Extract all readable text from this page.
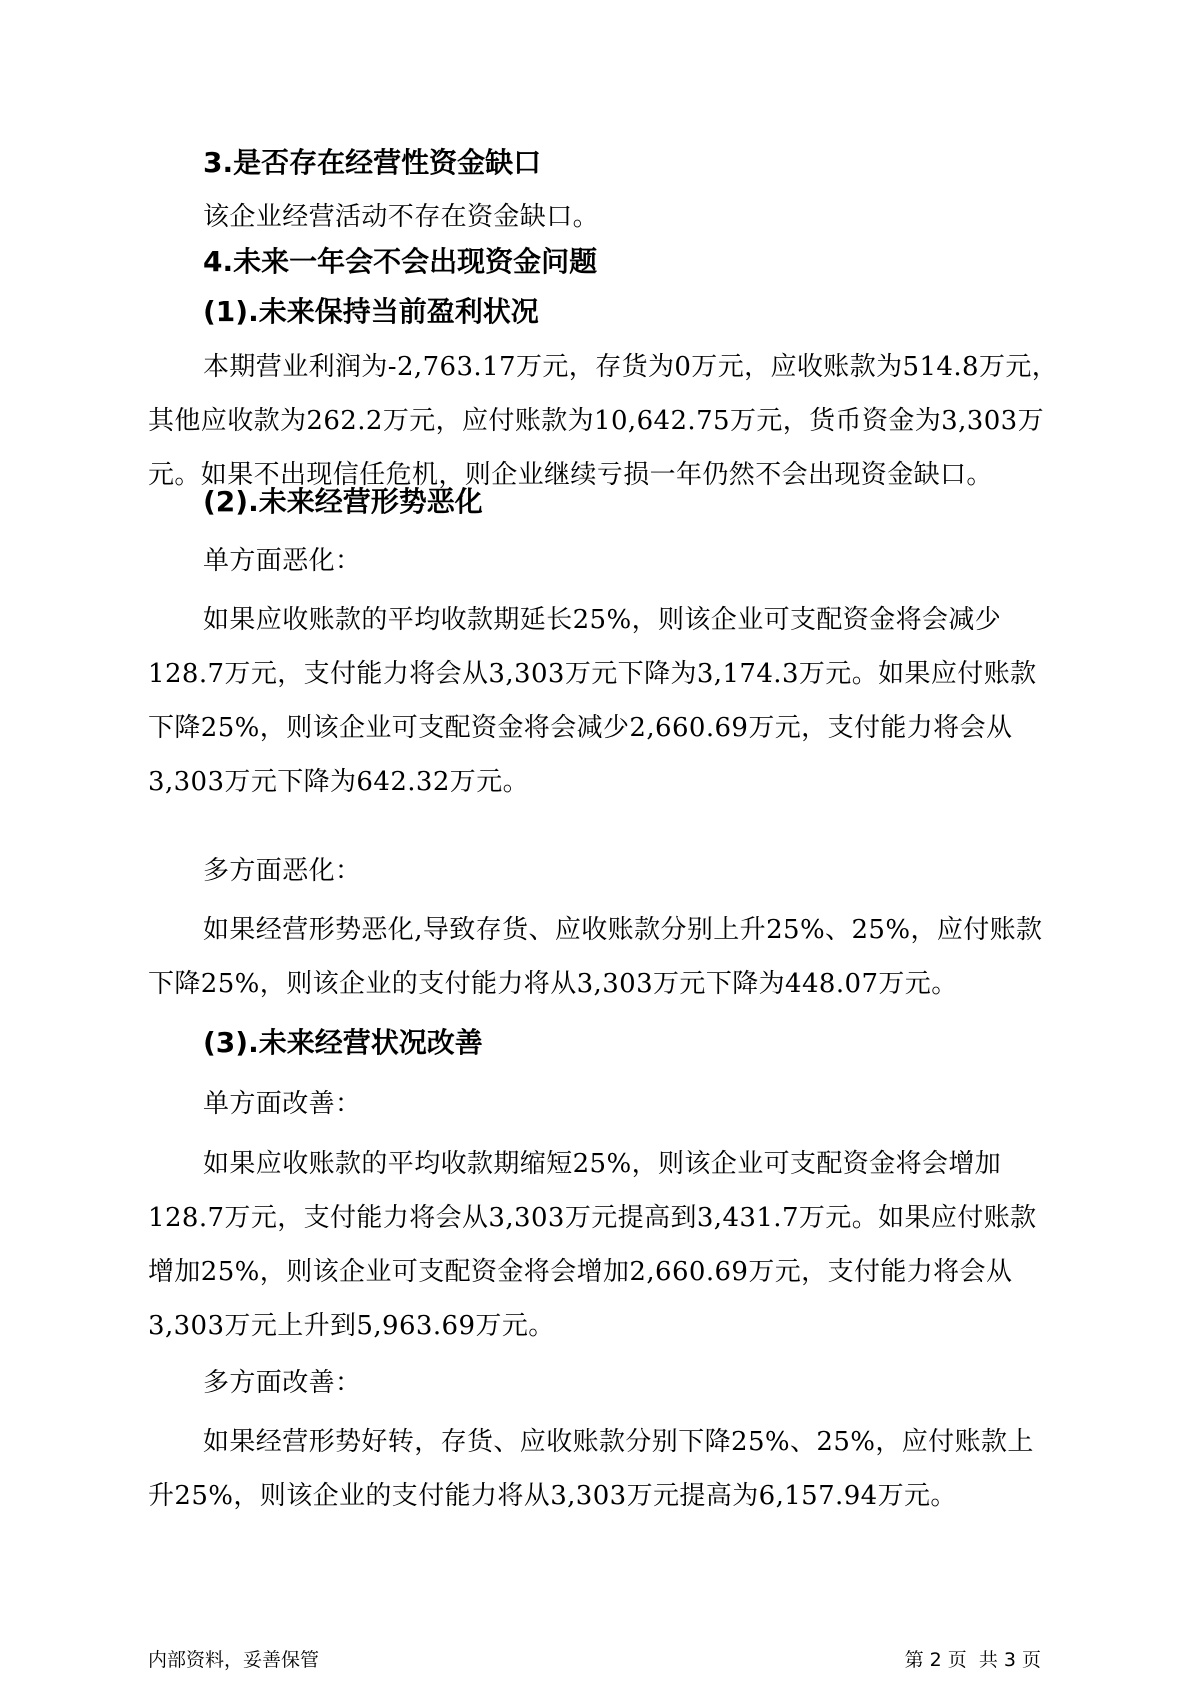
3.是否存在经营性资金缺口
该企业经营活动不存在资金缺口。
4.未来一年会不会出现资金问题
(1).未来保持当前盈利状况
本期营业利润为-2,763.17万元，存货为0万元，应收账款为514.8万元，
其他应收款为262.2万元，应付账款为10,642.75万元，货币资金为3,303万
元。如果不出现信任危机，则企业继续亏损一年仍然不会出现资金缺口。
(2).未来经营形势恶化
单方面恶化：
如果应收账款的平均收款期延长25%，则该企业可支配资金将会减少
128.7万元，支付能力将会从3,303万元下降为3,174.3万元。如果应付账款
下降25%，则该企业可支配资金将会减少2,660.69万元，支付能力将会从
3,303万元下降为642.32万元。
多方面恶化：
如果经营形势恶化,导致存货、应收账款分别上升25%、25%，应付账款
下降25%，则该企业的支付能力将从3,303万元下降为448.07万元。
(3).未来经营状况改善
单方面改善：
如果应收账款的平均收款期缩短25%，则该企业可支配资金将会增加
128.7万元，支付能力将会从3,303万元提高到3,431.7万元。如果应付账款
增加25%，则该企业可支配资金将会增加2,660.69万元，支付能力将会从
3,303万元上升到5,963.69万元。
多方面改善：
如果经营形势好转，存货、应收账款分别下降25%、25%，应付账款上
升25%，则该企业的支付能力将从3,303万元提高为6,157.94万元。
内部资料，妥善保管	第 2 页  共 3 页
